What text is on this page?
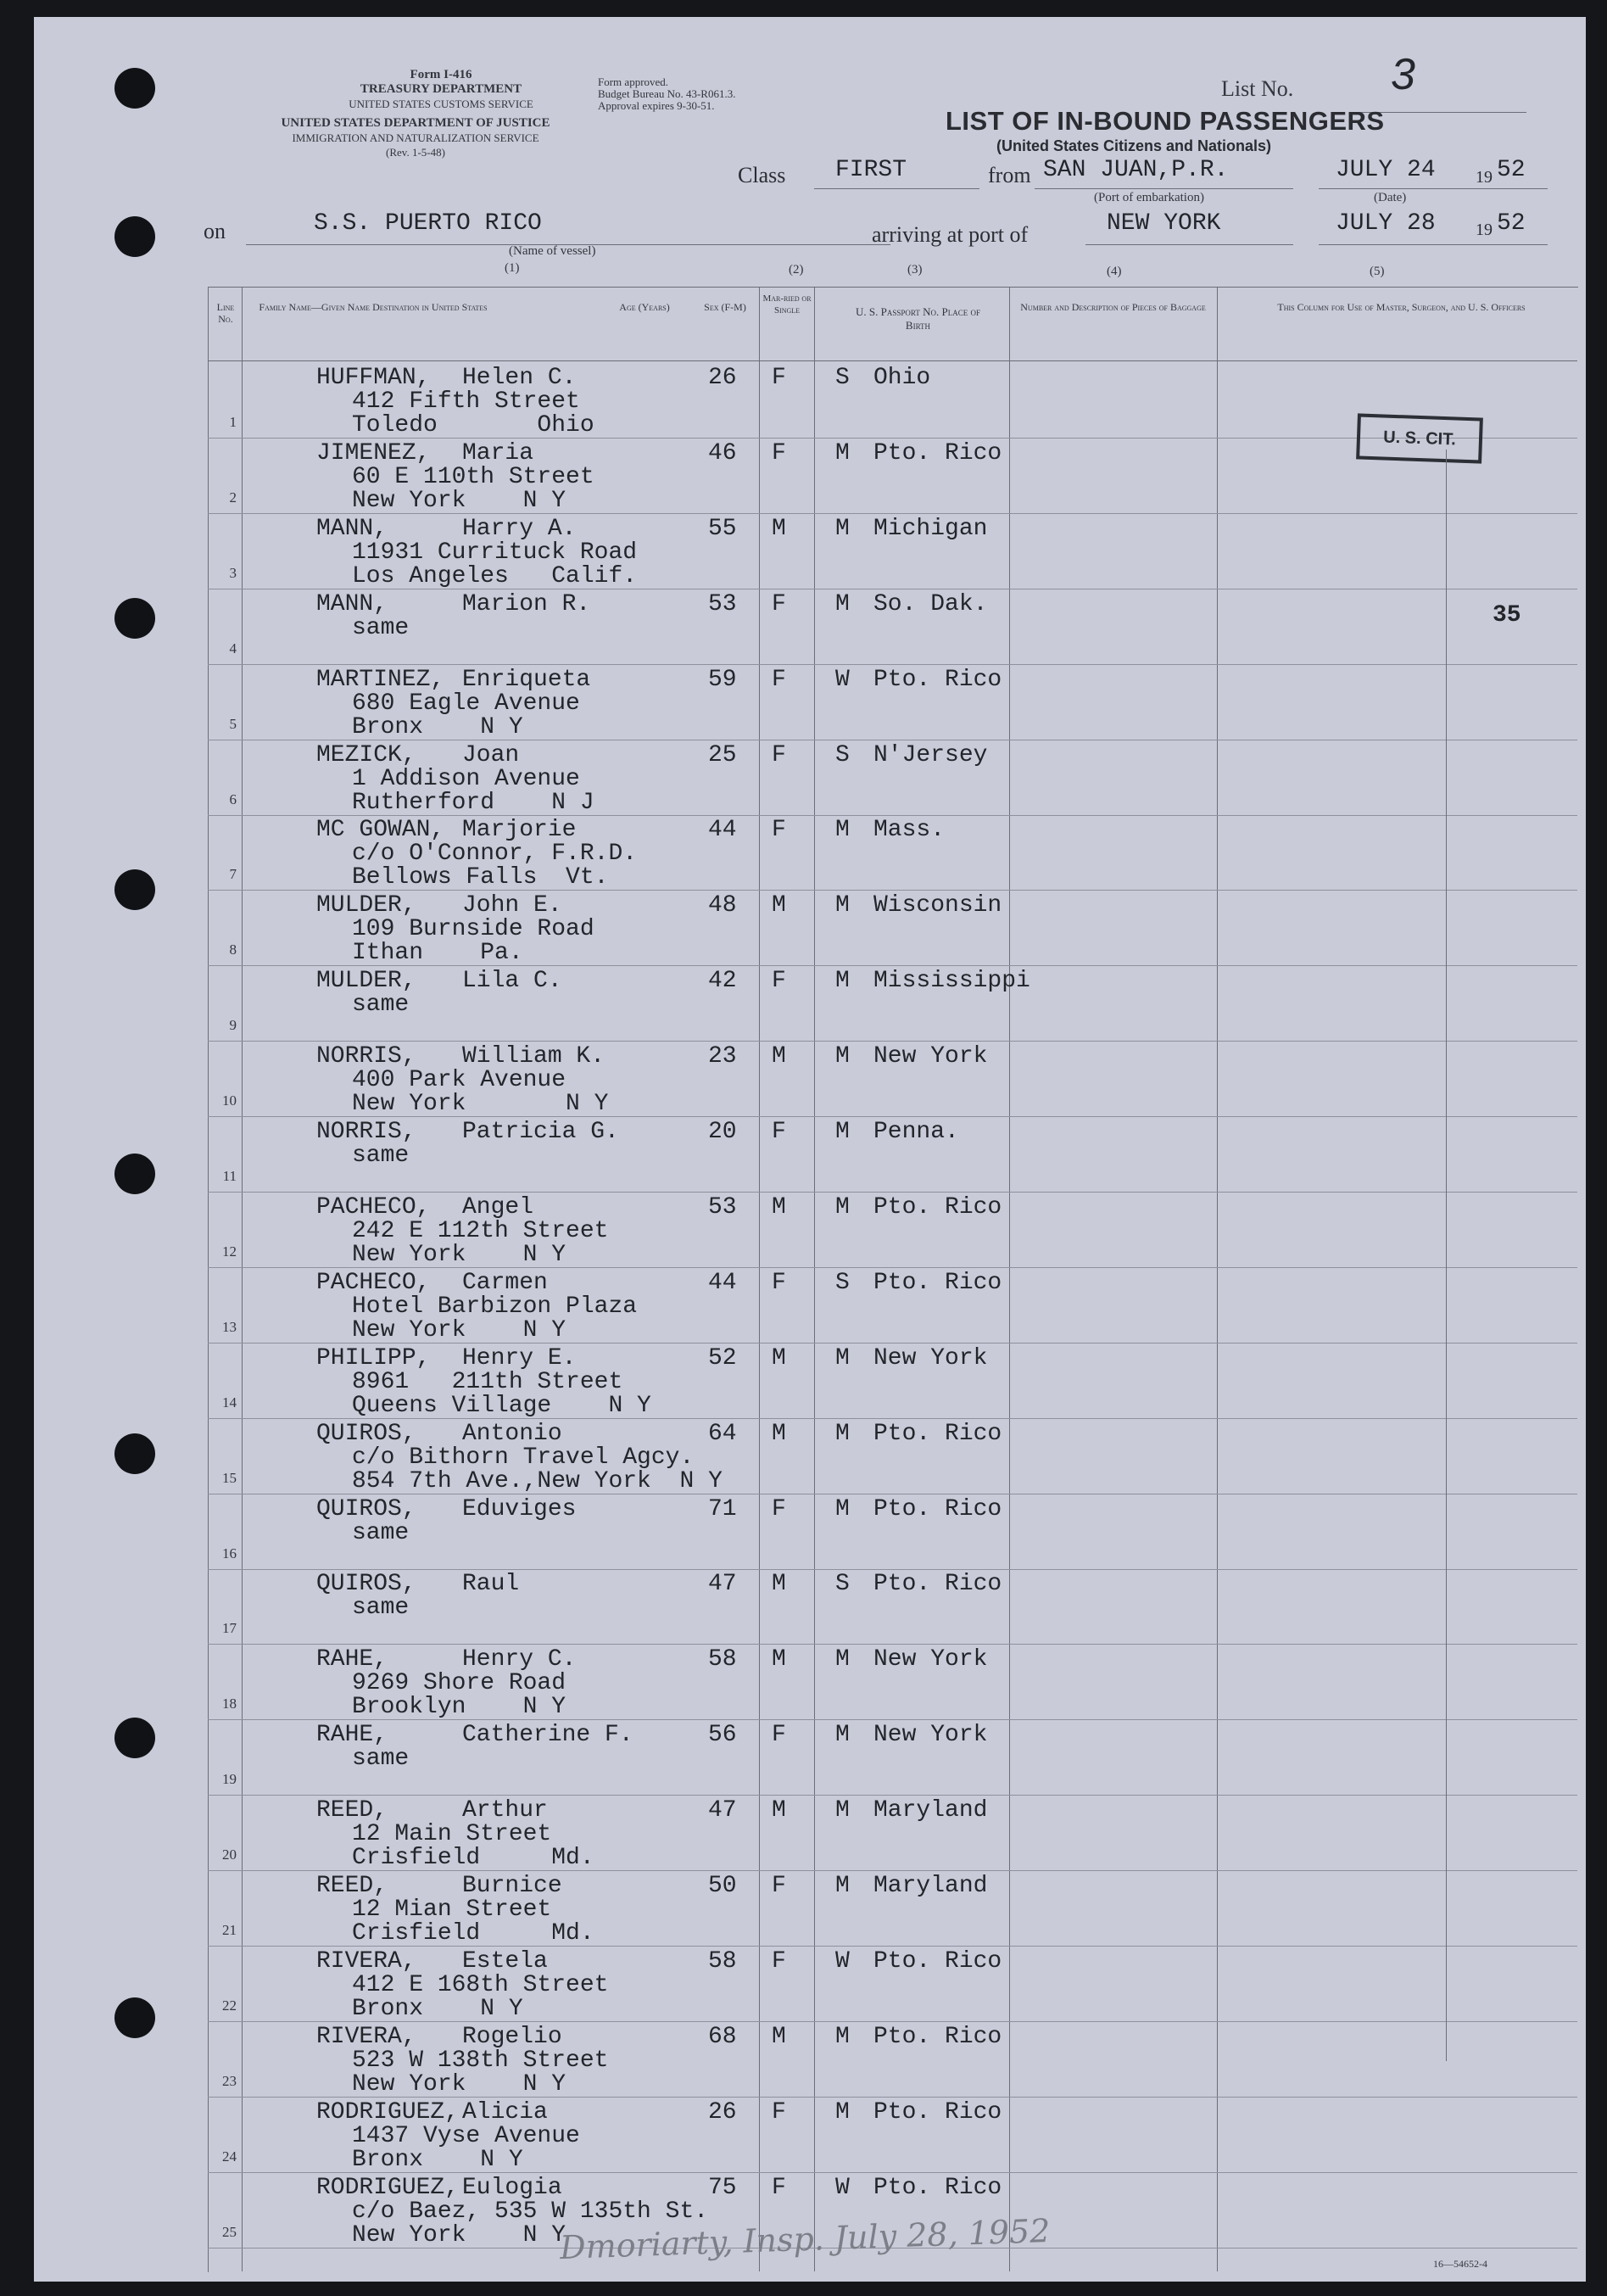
Form I-416
TREASURY DEPARTMENT
UNITED STATES CUSTOMS SERVICE
UNITED STATES DEPARTMENT OF JUSTICE
IMMIGRATION AND NATURALIZATION SERVICE
(Rev. 1-5-48)
Form approved.
Budget Bureau No. 43-R061.3.
Approval expires 9-30-51.
List No. 3
LIST OF IN-BOUND PASSENGERS
(United States Citizens and Nationals)
Class FIRST	from SAN JUAN,P.R.	JULY 24 19 52
(Port of embarkation)	(Date)
on	S.S. PUERTO RICO
(Name of vessel)
arriving at port of	NEW YORK	JULY 28 19 52
(1)	(2)	(3)	(4)	(5)
Line No.
Family Name—Given Name Destination in United States	Age (Years)	Sex (F-M)
Mar-ried or Single	U. S. Passport No. Place of Birth
Number and Description of Pieces of Baggage	This Column for Use of Master, Surgeon, and U. S. Officers
1
HUFFMAN, Helen C.
412 Fifth Street
Toledo       Ohio
26 F S Ohio
2
JIMENEZ, Maria
60 E 110th Street
New York    N Y
46 F M Pto. Rico
3
MANN,	Harry A.
11931 Currituck Road
Los Angeles   Calif.
55 M M Michigan
4
MANN,	Marion R.
same
53 F M So. Dak.
5
MARTINEZ, Enriqueta
680 Eagle Avenue
Bronx    N Y
59 F W Pto. Rico
6
MEZICK, Joan
1 Addison Avenue
Rutherford    N J
25 F S N'Jersey
7
MC GOWAN, Marjorie
c/o O'Connor, F.R.D.
Bellows Falls  Vt.
44 F M Mass.
8
MULDER, John E.
109 Burnside Road
Ithan    Pa.
48 M M Wisconsin
9
MULDER, Lila C.
same
42 F M Mississippi
10
NORRIS, William K.
400 Park Avenue
New York       N Y
23 M M New York
11
NORRIS, Patricia G.
same
20 F M Penna.
12
PACHECO, Angel
242 E 112th Street
New York    N Y
53 M M Pto. Rico
13
PACHECO, Carmen
Hotel Barbizon Plaza
New York    N Y
44 F S Pto. Rico
14
PHILIPP, Henry E.
8961   211th Street
Queens Village    N Y
52 M M New York
15
QUIROS, Antonio
c/o Bithorn Travel Agcy.
854 7th Ave.,New York  N Y
64 M M Pto. Rico
16
QUIROS, Eduviges
same
71 F M Pto. Rico
17
QUIROS, Raul
same
47 M S Pto. Rico
18
RAHE,	Henry C.
9269 Shore Road
Brooklyn    N Y
58 M M New York
19
RAHE,	Catherine F.
same
56 F M New York
20
REED,	Arthur
12 Main Street
Crisfield     Md.
47 M M Maryland
21
REED,	Burnice
12 Mian Street
Crisfield     Md.
50 F M Maryland
22
RIVERA, Estela
412 E 168th Street
Bronx    N Y
58 F W Pto. Rico
23
RIVERA, Rogelio
523 W 138th Street
New York    N Y
68 M M Pto. Rico
24
RODRIGUEZ, Alicia
1437 Vyse Avenue
Bronx    N Y
26 F M Pto. Rico
25
RODRIGUEZ, Eulogia
c/o Baez, 535 W 135th St.
New York    N Y
75 F W Pto. Rico
U. S. CIT.
35
Dmoriarty, Insp. July 28, 1952	16—54652-4
